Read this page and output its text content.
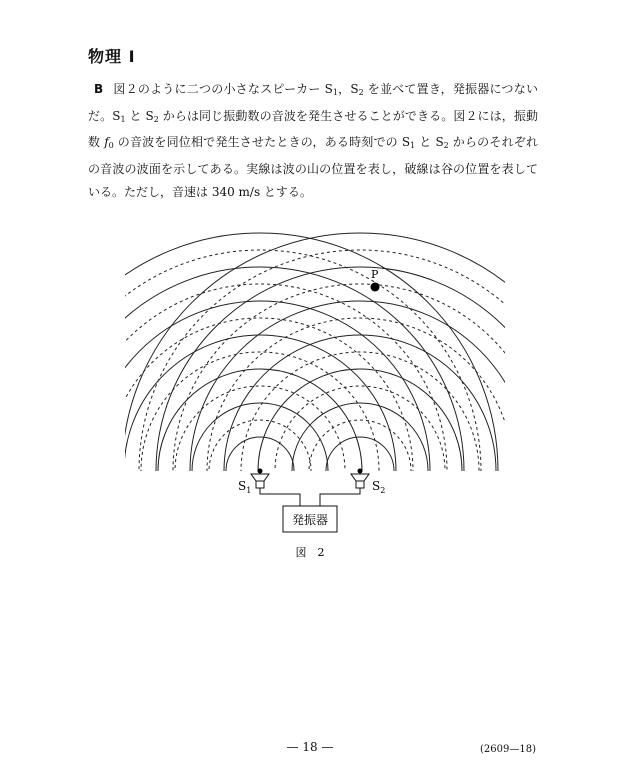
物理 I
B 図２のように二つの小さなスピーカー $S_1$，$S_2$ を並べて置き，発振器につないだ。$S_1$ と $S_2$ からは同じ振動数の音波を発生させることができる。図２には，振動数 $f_0$ の音波を同位相で発生させたときの，ある時刻での $S_1$ と $S_2$ からのそれぞれの音波の波面を示してある。実線は波の山の位置を表し，破線は谷の位置を表している。ただし，音速は 340 m/s とする。
P
$S_1$	$S_2$
発振器
図　2
— 18 —	(2609—18)
